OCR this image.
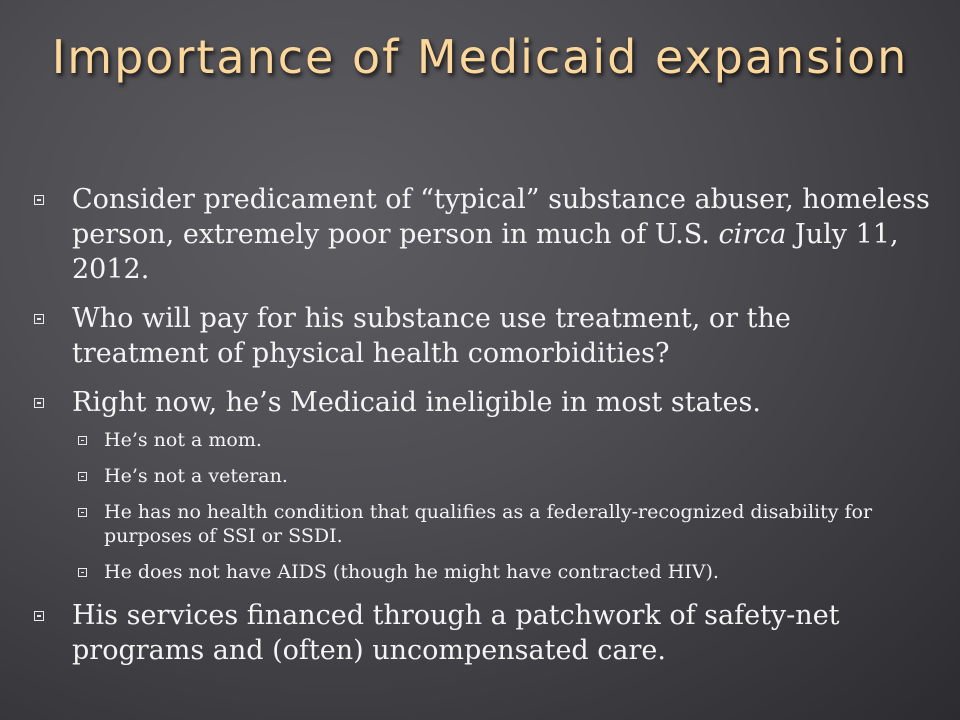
Importance of Medicaid expansion
Consider predicament of “typical” substance abuser, homeless person, extremely poor person in much of U.S. circa July 11, 2012.
Who will pay for his substance use treatment, or the treatment of physical health comorbidities?
Right now, he’s Medicaid ineligible in most states.
He’s not a mom.
He’s not a veteran.
He has no health condition that qualifies as a federally-recognized disability for purposes of SSI or SSDI.
He does not have AIDS (though he might have contracted HIV).
His services financed through a patchwork of safety-net programs and (often) uncompensated care.
